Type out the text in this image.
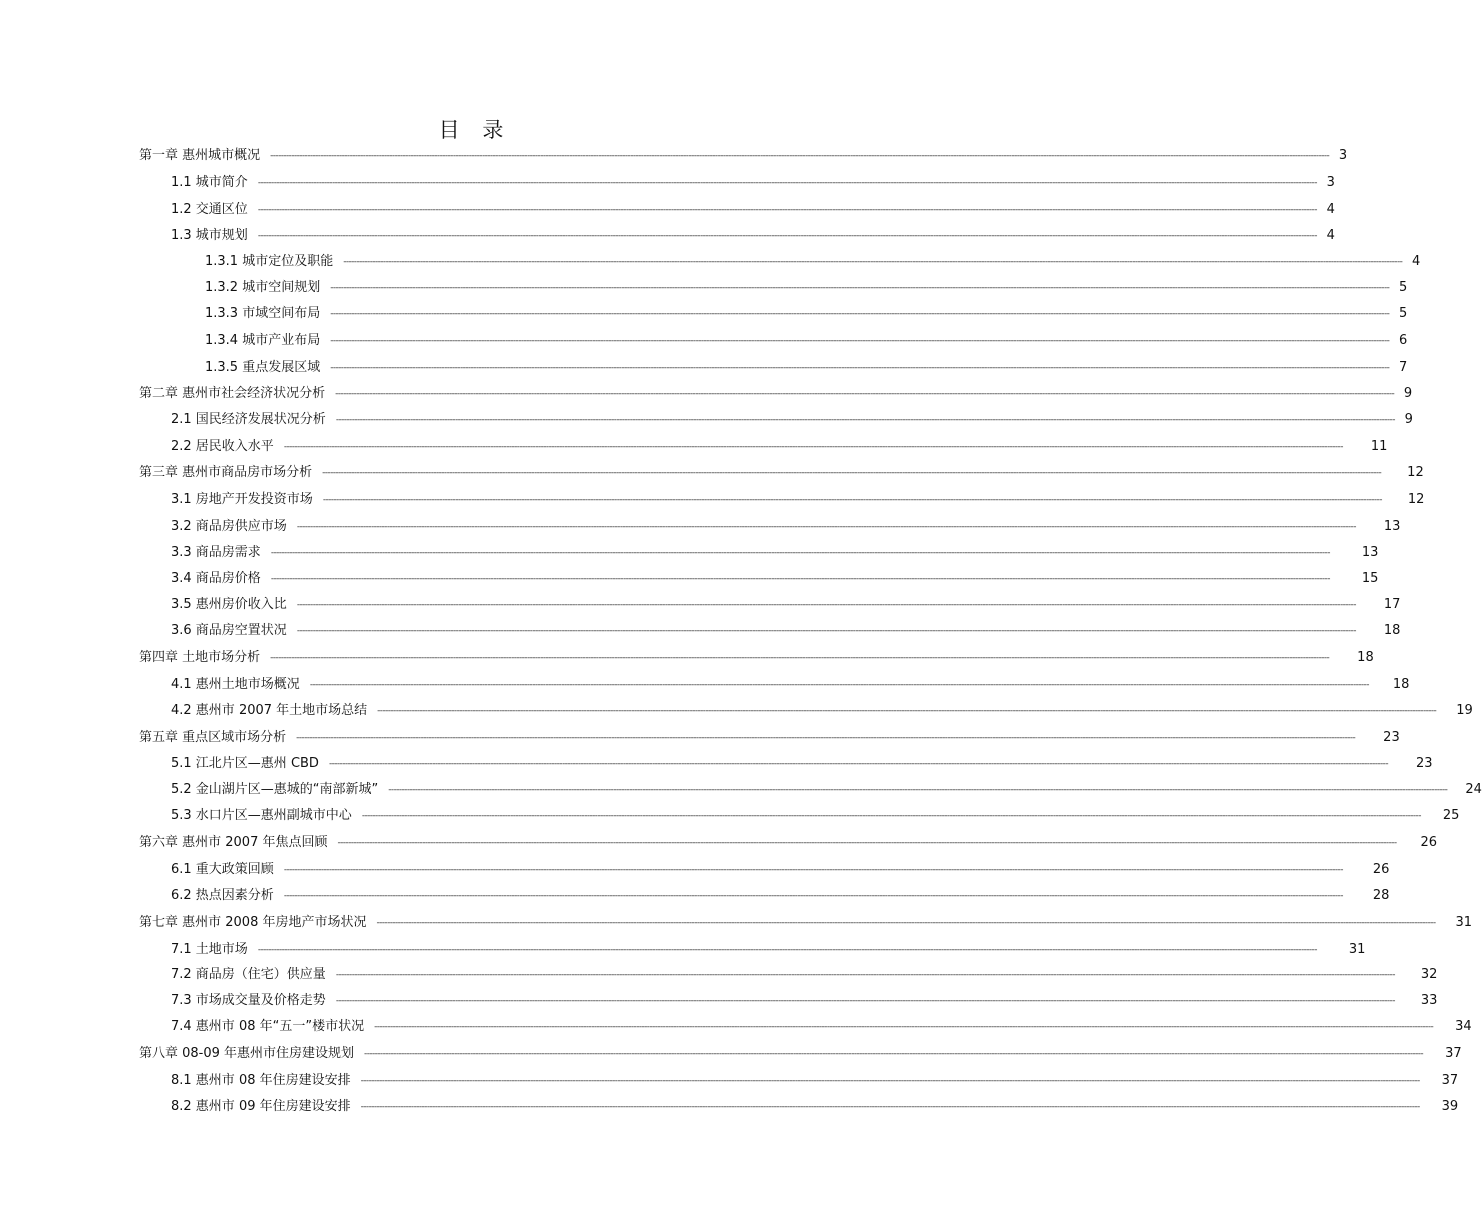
目 录
第一章 惠州城市概况	---------------------------------------------------------------------------------------------------------------------------------------------------------------------------------------------------------------------------------------------------------------------------------------------------------------------------------------------------------------------------------------------------------------- 3
1.1 城市简介	---------------------------------------------------------------------------------------------------------------------------------------------------------------------------------------------------------------------------------------------------------------------------------------------------------------------------------------------------------------------------------------------------------------- 3
1.2 交通区位	---------------------------------------------------------------------------------------------------------------------------------------------------------------------------------------------------------------------------------------------------------------------------------------------------------------------------------------------------------------------------------------------------------------- 4
1.3 城市规划	---------------------------------------------------------------------------------------------------------------------------------------------------------------------------------------------------------------------------------------------------------------------------------------------------------------------------------------------------------------------------------------------------------------- 4
1.3.1 城市定位及职能	---------------------------------------------------------------------------------------------------------------------------------------------------------------------------------------------------------------------------------------------------------------------------------------------------------------------------------------------------------------------------------------------------------------- 4
1.3.2 城市空间规划	---------------------------------------------------------------------------------------------------------------------------------------------------------------------------------------------------------------------------------------------------------------------------------------------------------------------------------------------------------------------------------------------------------------- 5
1.3.3 市域空间布局	---------------------------------------------------------------------------------------------------------------------------------------------------------------------------------------------------------------------------------------------------------------------------------------------------------------------------------------------------------------------------------------------------------------- 5
1.3.4 城市产业布局	---------------------------------------------------------------------------------------------------------------------------------------------------------------------------------------------------------------------------------------------------------------------------------------------------------------------------------------------------------------------------------------------------------------- 6
1.3.5 重点发展区域	---------------------------------------------------------------------------------------------------------------------------------------------------------------------------------------------------------------------------------------------------------------------------------------------------------------------------------------------------------------------------------------------------------------- 7
第二章 惠州市社会经济状况分析	---------------------------------------------------------------------------------------------------------------------------------------------------------------------------------------------------------------------------------------------------------------------------------------------------------------------------------------------------------------------------------------------------------------- 9
2.1 国民经济发展状况分析	---------------------------------------------------------------------------------------------------------------------------------------------------------------------------------------------------------------------------------------------------------------------------------------------------------------------------------------------------------------------------------------------------------------- 9
2.2 居民收入水平	----------------------------------------------------------------------------------------------------------------------------------------------------------------------------------------------------------------------------------------------------------------------------------------------------------------------------------------------------------------------------------------------------------------	11
第三章 惠州市商品房市场分析	----------------------------------------------------------------------------------------------------------------------------------------------------------------------------------------------------------------------------------------------------------------------------------------------------------------------------------------------------------------------------------------------------------------	12
3.1 房地产开发投资市场	----------------------------------------------------------------------------------------------------------------------------------------------------------------------------------------------------------------------------------------------------------------------------------------------------------------------------------------------------------------------------------------------------------------	12
3.2 商品房供应市场	----------------------------------------------------------------------------------------------------------------------------------------------------------------------------------------------------------------------------------------------------------------------------------------------------------------------------------------------------------------------------------------------------------------	13
3.3 商品房需求	----------------------------------------------------------------------------------------------------------------------------------------------------------------------------------------------------------------------------------------------------------------------------------------------------------------------------------------------------------------------------------------------------------------	13
3.4 商品房价格	----------------------------------------------------------------------------------------------------------------------------------------------------------------------------------------------------------------------------------------------------------------------------------------------------------------------------------------------------------------------------------------------------------------	15
3.5 惠州房价收入比	----------------------------------------------------------------------------------------------------------------------------------------------------------------------------------------------------------------------------------------------------------------------------------------------------------------------------------------------------------------------------------------------------------------	17
3.6 商品房空置状况	----------------------------------------------------------------------------------------------------------------------------------------------------------------------------------------------------------------------------------------------------------------------------------------------------------------------------------------------------------------------------------------------------------------	18
第四章 土地市场分析	----------------------------------------------------------------------------------------------------------------------------------------------------------------------------------------------------------------------------------------------------------------------------------------------------------------------------------------------------------------------------------------------------------------	18
4.1 惠州土地市场概况	----------------------------------------------------------------------------------------------------------------------------------------------------------------------------------------------------------------------------------------------------------------------------------------------------------------------------------------------------------------------------------------------------------------	18
4.2 惠州市 2007 年土地市场总结	----------------------------------------------------------------------------------------------------------------------------------------------------------------------------------------------------------------------------------------------------------------------------------------------------------------------------------------------------------------------------------------------------------------	19
第五章 重点区域市场分析	----------------------------------------------------------------------------------------------------------------------------------------------------------------------------------------------------------------------------------------------------------------------------------------------------------------------------------------------------------------------------------------------------------------	23
5.1 江北片区—惠州 CBD	----------------------------------------------------------------------------------------------------------------------------------------------------------------------------------------------------------------------------------------------------------------------------------------------------------------------------------------------------------------------------------------------------------------	23
5.2 金山湖片区—惠城的“南部新城”	----------------------------------------------------------------------------------------------------------------------------------------------------------------------------------------------------------------------------------------------------------------------------------------------------------------------------------------------------------------------------------------------------------------	24
5.3 水口片区—惠州副城市中心	----------------------------------------------------------------------------------------------------------------------------------------------------------------------------------------------------------------------------------------------------------------------------------------------------------------------------------------------------------------------------------------------------------------	25
第六章 惠州市 2007 年焦点回顾	----------------------------------------------------------------------------------------------------------------------------------------------------------------------------------------------------------------------------------------------------------------------------------------------------------------------------------------------------------------------------------------------------------------	26
6.1 重大政策回顾	----------------------------------------------------------------------------------------------------------------------------------------------------------------------------------------------------------------------------------------------------------------------------------------------------------------------------------------------------------------------------------------------------------------	26
6.2 热点因素分析	----------------------------------------------------------------------------------------------------------------------------------------------------------------------------------------------------------------------------------------------------------------------------------------------------------------------------------------------------------------------------------------------------------------	28
第七章 惠州市 2008 年房地产市场状况	----------------------------------------------------------------------------------------------------------------------------------------------------------------------------------------------------------------------------------------------------------------------------------------------------------------------------------------------------------------------------------------------------------------	31
7.1 土地市场	----------------------------------------------------------------------------------------------------------------------------------------------------------------------------------------------------------------------------------------------------------------------------------------------------------------------------------------------------------------------------------------------------------------	31
7.2 商品房（住宅）供应量	----------------------------------------------------------------------------------------------------------------------------------------------------------------------------------------------------------------------------------------------------------------------------------------------------------------------------------------------------------------------------------------------------------------	32
7.3 市场成交量及价格走势	----------------------------------------------------------------------------------------------------------------------------------------------------------------------------------------------------------------------------------------------------------------------------------------------------------------------------------------------------------------------------------------------------------------	33
7.4 惠州市 08 年“五一”楼市状况	----------------------------------------------------------------------------------------------------------------------------------------------------------------------------------------------------------------------------------------------------------------------------------------------------------------------------------------------------------------------------------------------------------------	34
第八章 08-09 年惠州市住房建设规划	----------------------------------------------------------------------------------------------------------------------------------------------------------------------------------------------------------------------------------------------------------------------------------------------------------------------------------------------------------------------------------------------------------------	37
8.1 惠州市 08 年住房建设安排	----------------------------------------------------------------------------------------------------------------------------------------------------------------------------------------------------------------------------------------------------------------------------------------------------------------------------------------------------------------------------------------------------------------	37
8.2 惠州市 09 年住房建设安排	----------------------------------------------------------------------------------------------------------------------------------------------------------------------------------------------------------------------------------------------------------------------------------------------------------------------------------------------------------------------------------------------------------------	39
